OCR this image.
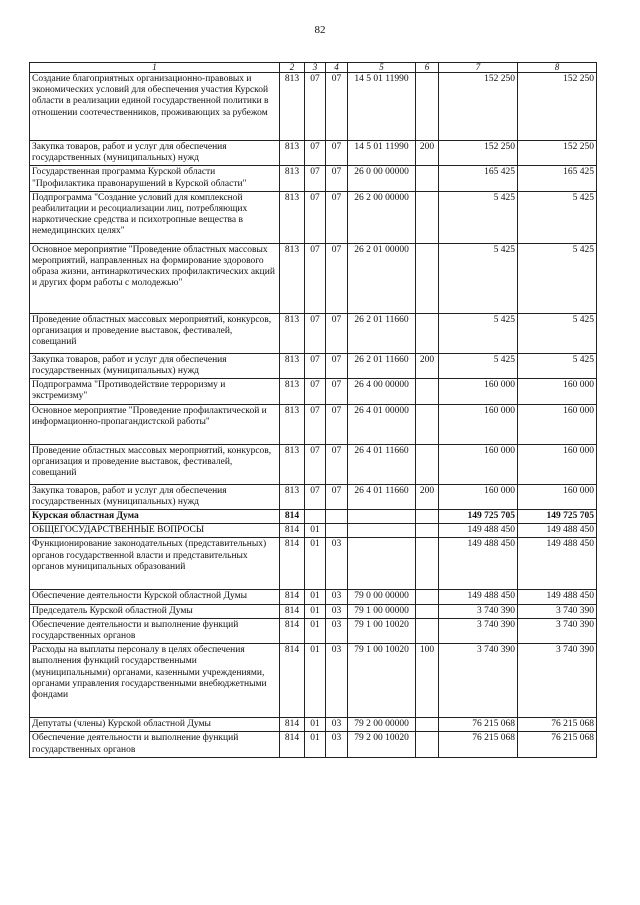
82
1	2	3	4	5	6	7	8
Создание благоприятных организационно-правовых и экономических условий для обеспечения участия Курской области в реализации единой государственной политики в отношении соотечественников, проживающих за рубежом	813	07	07	14 5 01 11990		152 250	152 250
Закупка товаров, работ и услуг для обеспечения государственных (муниципальных) нужд	813	07	07	14 5 01 11990	200	152 250	152 250
Государственная программа Курской области "Профилактика правонарушений в Курской области"	813	07	07	26 0 00 00000		165 425	165 425
Подпрограмма "Создание условий для комплексной реабилитации и ресоциализации лиц, потребляющих наркотические средства и психотропные вещества в немедицинских целях"	813	07	07	26 2 00 00000		5 425	5 425
Основное мероприятие "Проведение областных массовых мероприятий, направленных на формирование здорового образа жизни, антинаркотических профилактических акций и других форм работы с молодежью"	813	07	07	26 2 01 00000		5 425	5 425
Проведение областных массовых мероприятий, конкурсов, организация и проведение выставок, фестивалей, совещаний	813	07	07	26 2 01 11660		5 425	5 425
Закупка товаров, работ и услуг для обеспечения государственных (муниципальных) нужд	813	07	07	26 2 01 11660	200	5 425	5 425
Подпрограмма "Противодействие терроризму и экстремизму"	813	07	07	26 4 00 00000		160 000	160 000
Основное мероприятие "Проведение профилактической и информационно-пропагандистской работы"	813	07	07	26 4 01 00000		160 000	160 000
Проведение областных массовых мероприятий, конкурсов, организация и проведение выставок, фестивалей, совещаний	813	07	07	26 4 01 11660		160 000	160 000
Закупка товаров, работ и услуг для обеспечения государственных (муниципальных) нужд	813	07	07	26 4 01 11660	200	160 000	160 000
Курская областная Дума	814					149 725 705	149 725 705
ОБЩЕГОСУДАРСТВЕННЫЕ ВОПРОСЫ	814	01				149 488 450	149 488 450
Функционирование законодательных (представительных) органов государственной власти и представительных органов муниципальных образований	814	01	03			149 488 450	149 488 450
Обеспечение деятельности Курской областной Думы	814	01	03	79 0 00 00000		149 488 450	149 488 450
Председатель Курской областной Думы	814	01	03	79 1 00 00000		3 740 390	3 740 390
Обеспечение деятельности и выполнение функций государственных органов	814	01	03	79 1 00 10020		3 740 390	3 740 390
Расходы на выплаты персоналу в целях обеспечения выполнения функций государственными (муниципальными) органами, казенными учреждениями, органами управления государственными внебюджетными фондами	814	01	03	79 1 00 10020	100	3 740 390	3 740 390
Депутаты (члены) Курской областной Думы	814	01	03	79 2 00 00000		76 215 068	76 215 068
Обеспечение деятельности и выполнение функций государственных органов	814	01	03	79 2 00 10020		76 215 068	76 215 068
